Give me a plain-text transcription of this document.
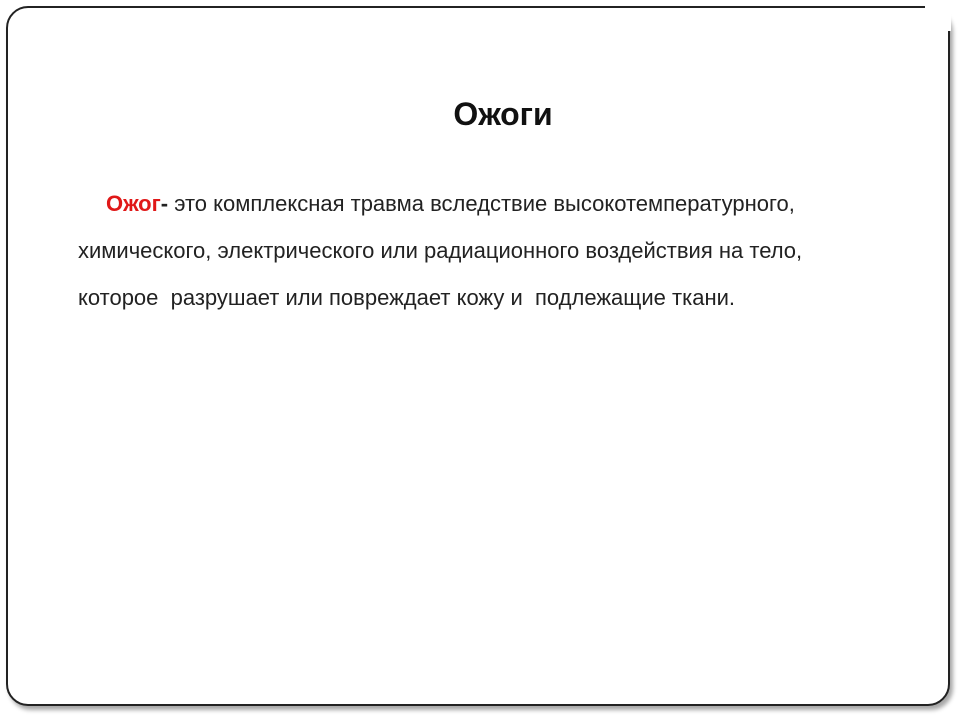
Ожоги
Ожог- это комплексная травма вследствие высокотемпературного,
химического, электрического или радиационного воздействия на тело,
которое  разрушает или повреждает кожу и  подлежащие ткани.
